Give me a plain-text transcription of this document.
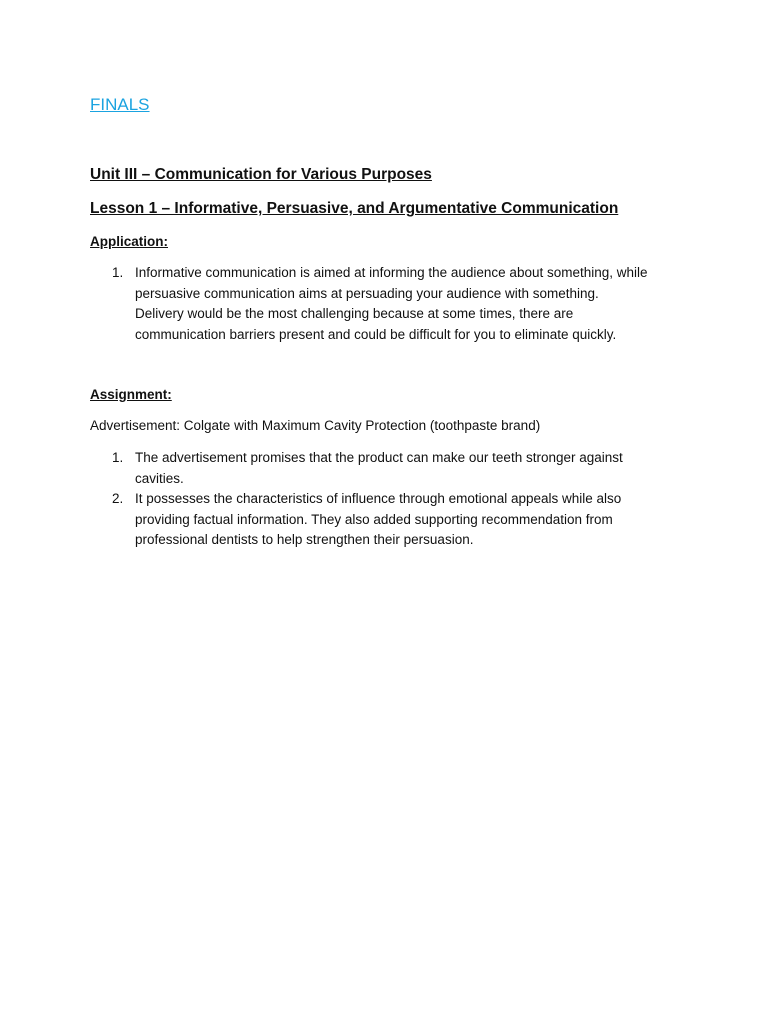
FINALS
Unit III – Communication for Various Purposes
Lesson 1 – Informative, Persuasive, and Argumentative Communication
Application:
1. Informative communication is aimed at informing the audience about something, while
persuasive communication aims at persuading your audience with something.
Delivery would be the most challenging because at some times, there are
communication barriers present and could be difficult for you to eliminate quickly.
Assignment:
Advertisement: Colgate with Maximum Cavity Protection (toothpaste brand)
1. The advertisement promises that the product can make our teeth stronger against
cavities.
2. It possesses the characteristics of influence through emotional appeals while also
providing factual information. They also added supporting recommendation from
professional dentists to help strengthen their persuasion.
